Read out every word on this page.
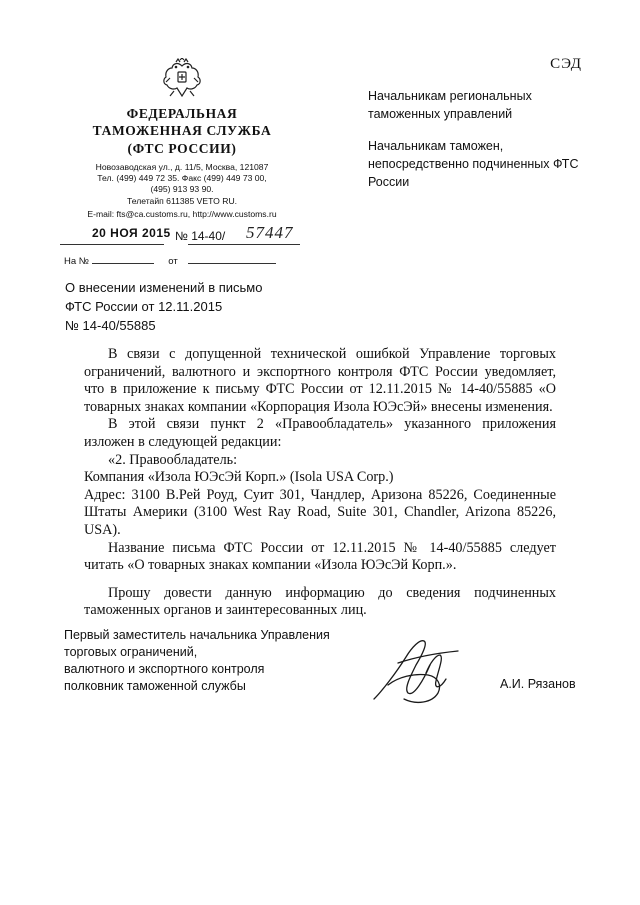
СЭД
ФЕДЕРАЛЬНАЯ
ТАМОЖЕННАЯ СЛУЖБА
(ФТС РОССИИ)
Новозаводская ул., д. 11/5, Москва, 121087
Тел. (499) 449 72 35. Факс (499) 449 73 00,
(495) 913 93 90.
Телетайп 611385 VETO RU.
E-mail: fts@ca.customs.ru, http://www.customs.ru
20 НОЯ 2015 № 14-40/ 57447
На №	от

Начальникам региональных таможенных управлений

Начальникам таможен, непосредственно подчиненных ФТС России

О внесении изменений в письмо
ФТС России от 12.11.2015
№ 14-40/55885

В связи с допущенной технической ошибкой Управление торговых ограничений, валютного и экспортного контроля ФТС России уведомляет, что в приложение к письму ФТС России от 12.11.2015 № 14-40/55885 «О товарных знаках компании «Корпорация Изола ЮЭсЭй» внесены изменения.

В этой связи пункт 2 «Правообладатель» указанного приложения изложен в следующей редакции:

«2. Правообладатель:

Компания «Изола ЮЭсЭй Корп.» (Isola USA Corp.)

Адрес: 3100 В.Рей Роуд, Суит 301, Чандлер, Аризона 85226, Соединенные Штаты Америки (3100 West Ray Road, Suite 301, Chandler, Arizona 85226, USA).

Название письма ФТС России от 12.11.2015 № 14-40/55885 следует читать «О товарных знаках компании «Изола ЮЭсЭй Корп.».

Прошу довести данную информацию до сведения подчиненных таможенных органов и заинтересованных лиц.

Первый заместитель начальника Управления
торговых ограничений,
валютного и экспортного контроля
полковник таможенной службы	А.И. Рязанов
